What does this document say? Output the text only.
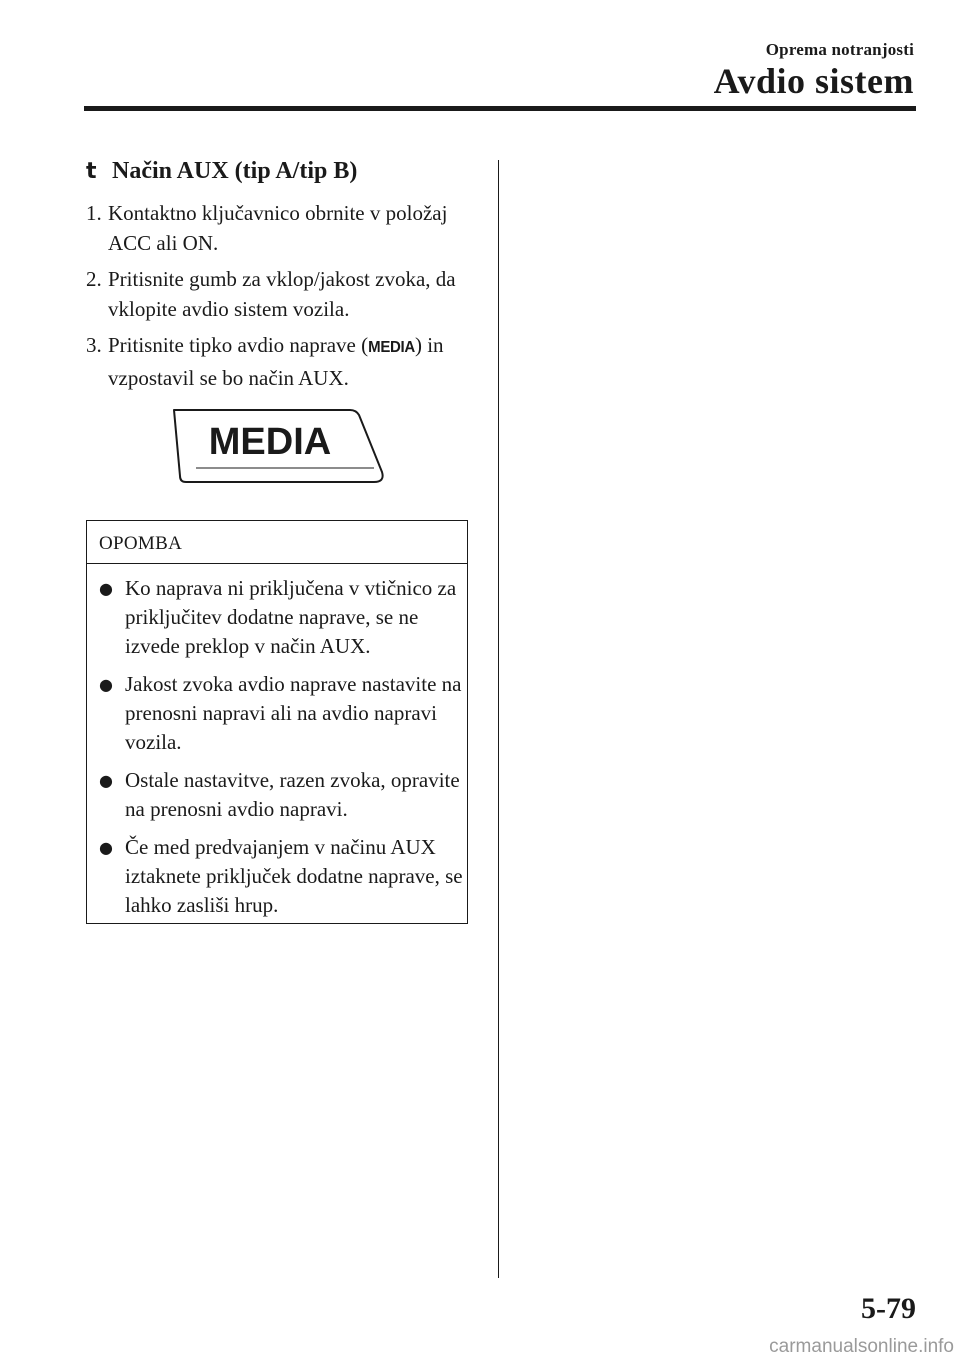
Oprema notranjosti
Avdio sistem
t Način AUX (tip A/tip B)
1. Kontaktno ključavnico obrnite v položaj ACC ali ON.
2. Pritisnite gumb za vklop/jakost zvoka, da vklopite avdio sistem vozila.
3. Pritisnite tipko avdio naprave (MEDIA) in vzpostavil se bo način AUX.
MEDIA
OPOMBA
● Ko naprava ni priključena v vtičnico za priključitev dodatne naprave, se ne izvede preklop v način AUX.
● Jakost zvoka avdio naprave nastavite na prenosni napravi ali na avdio napravi vozila.
● Ostale nastavitve, razen zvoka, opravite na prenosni avdio napravi.
● Če med predvajanjem v načinu AUX iztaknete priključek dodatne naprave, se lahko zasliši hrup.
5-79
carmanualsonline.info
